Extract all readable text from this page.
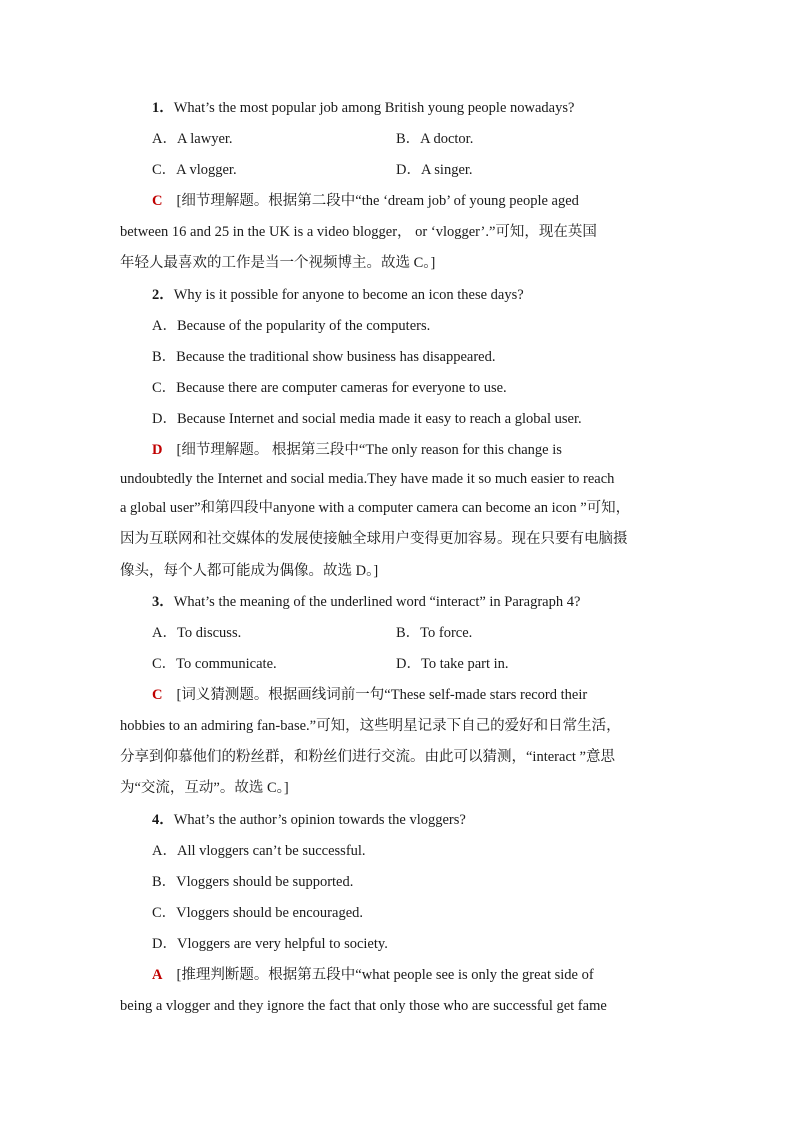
1．What’s the most popular job among British young people nowadays?
A．A lawyer.	B．A doctor.
C．A vlogger.	D．A singer.
C [细节理解题。根据第二段中“the ‘dream job’ of young people aged
between 16 and 25 in the UK is a video blogger， or ‘vlogger’.”可知，现在英国
年轻人最喜欢的工作是当一个视频博主。故选 C。]
2．Why is it possible for anyone to become an icon these days?
A．Because of the popularity of the computers.
B．Because the traditional show business has disappeared.
C．Because there are computer cameras for everyone to use.
D．Because Internet and social media made it easy to reach a global user.
D [细节理解题。 根据第三段中“The only reason for this change is
undoubtedly the Internet and social media.They have made it so much easier to reach
a global user”和第四段中anyone with a computer camera can become an icon ”可知，
因为互联网和社交媒体的发展使接触全球用户变得更加容易。现在只要有电脑摄
像头，每个人都可能成为偶像。故选 D。]
3．What’s the meaning of the underlined word “interact” in Paragraph 4?
A．To discuss.	B．To force.
C．To communicate.	D．To take part in.
C [词义猜测题。根据画线词前一句“These self-made stars record their
hobbies to an admiring fan-base.”可知，这些明星记录下自己的爱好和日常生活，
分享到仰慕他们的粉丝群，和粉丝们进行交流。由此可以猜测，“interact ”意思
为“交流，互动”。故选 C。]
4．What’s the author’s opinion towards the vloggers?
A．All vloggers can’t be successful.
B．Vloggers should be supported.
C．Vloggers should be encouraged.
D．Vloggers are very helpful to society.
A [推理判断题。根据第五段中“what people see is only the great side of
being a vlogger and they ignore the fact that only those who are successful get fame
